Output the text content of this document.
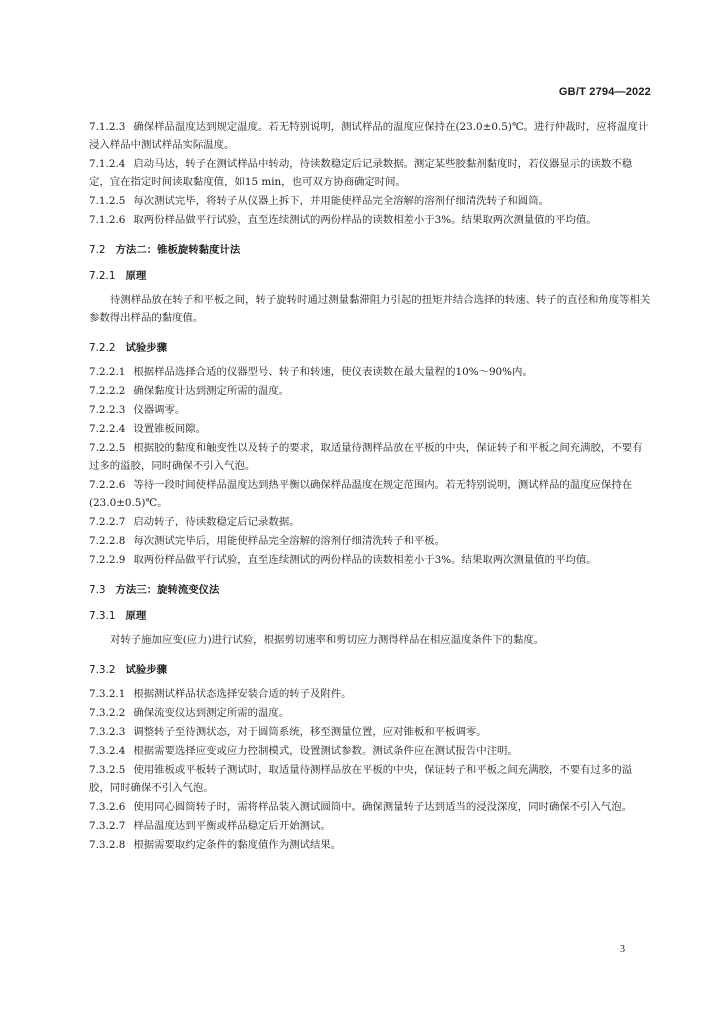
GB/T 2794—2022

7.1.2.3 确保样品温度达到规定温度。若无特别说明，测试样品的温度应保持在(23.0±0.5)℃。进行仲裁时，应将温度计浸入样品中测试样品实际温度。

7.1.2.4 启动马达，转子在测试样品中转动，待读数稳定后记录数据。测定某些胶黏剂黏度时，若仪器显示的读数不稳定，宜在指定时间读取黏度值，如15 min，也可双方协商确定时间。

7.1.2.5 每次测试完毕，将转子从仪器上拆下，并用能使样品完全溶解的溶剂仔细清洗转子和圆筒。

7.1.2.6 取两份样品做平行试验，直至连续测试的两份样品的读数相差小于3%。结果取两次测量值的平均值。

7.2 方法二：锥板旋转黏度计法

7.2.1 原理

待测样品放在转子和平板之间，转子旋转时通过测量黏滞阻力引起的扭矩并结合选择的转速、转子的直径和角度等相关参数得出样品的黏度值。

7.2.2 试验步骤

7.2.2.1 根据样品选择合适的仪器型号、转子和转速，使仪表读数在最大量程的10%～90%内。

7.2.2.2 确保黏度计达到测定所需的温度。

7.2.2.3 仪器调零。

7.2.2.4 设置锥板间隙。

7.2.2.5 根据胶的黏度和触变性以及转子的要求，取适量待测样品放在平板的中央，保证转子和平板之间充满胶，不要有过多的溢胶，同时确保不引入气泡。

7.2.2.6 等待一段时间使样品温度达到热平衡以确保样品温度在规定范围内。若无特别说明，测试样品的温度应保持在(23.0±0.5)℃。

7.2.2.7 启动转子，待读数稳定后记录数据。

7.2.2.8 每次测试完毕后，用能使样品完全溶解的溶剂仔细清洗转子和平板。

7.2.2.9 取两份样品做平行试验，直至连续测试的两份样品的读数相差小于3%。结果取两次测量值的平均值。

7.3 方法三：旋转流变仪法

7.3.1 原理

对转子施加应变(应力)进行试验，根据剪切速率和剪切应力测得样品在相应温度条件下的黏度。

7.3.2 试验步骤

7.3.2.1 根据测试样品状态选择安装合适的转子及附件。

7.3.2.2 确保流变仪达到测定所需的温度。

7.3.2.3 调整转子至待测状态，对于圆筒系统，移至测量位置，应对锥板和平板调零。

7.3.2.4 根据需要选择应变或应力控制模式，设置测试参数。测试条件应在测试报告中注明。

7.3.2.5 使用锥板或平板转子测试时，取适量待测样品放在平板的中央，保证转子和平板之间充满胶，不要有过多的溢胶，同时确保不引入气泡。

7.3.2.6 使用同心圆筒转子时，需将样品装入测试圆筒中。确保测量转子达到适当的浸没深度，同时确保不引入气泡。

7.3.2.7 样品温度达到平衡或样品稳定后开始测试。

7.3.2.8 根据需要取约定条件的黏度值作为测试结果。

3
